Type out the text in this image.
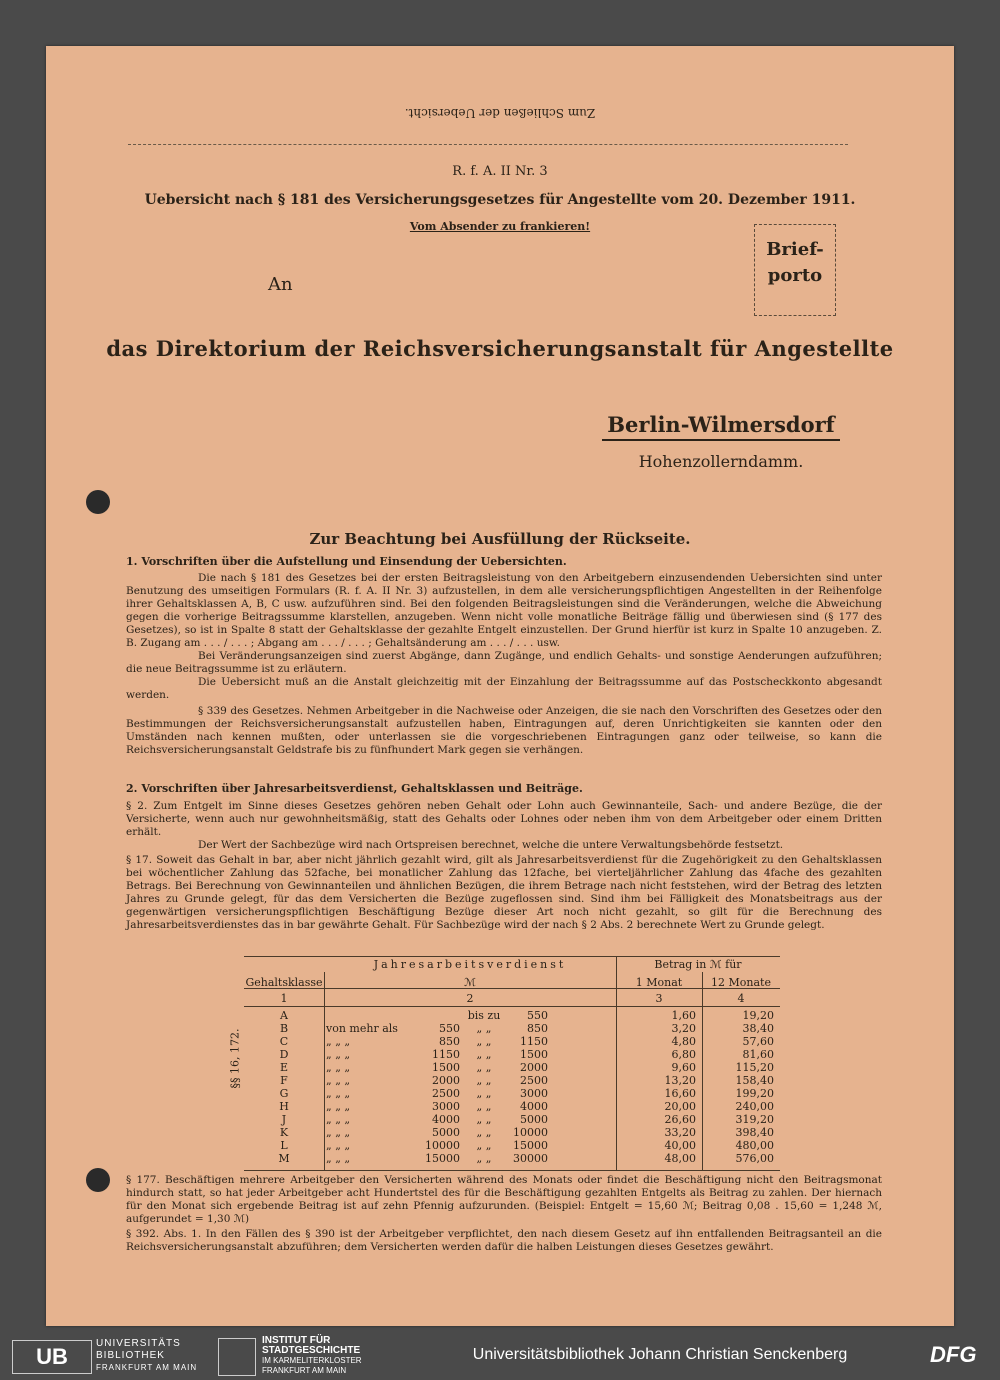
Zum Schließen der Uebersicht.
R. f. A. II Nr. 3
Uebersicht nach § 181 des Versicherungsgesetzes für Angestellte vom 20. Dezember 1911.
Vom Absender zu frankieren!
Brief-
porto
An
das Direktorium der Reichsversicherungsanstalt für Angestellte
Berlin-Wilmersdorf
Hohenzollerndamm.
Zur Beachtung bei Ausfüllung der Rückseite.
1. Vorschriften über die Aufstellung und Einsendung der Uebersichten.

Die nach § 181 des Gesetzes bei der ersten Beitragsleistung von den Arbeitgebern einzusendenden Uebersichten sind unter Benutzung des umseitigen Formulars (R. f. A. II Nr. 3) aufzustellen, in dem alle versicherungspflichtigen Angestellten in der Reihenfolge ihrer Gehaltsklassen A, B, C usw. aufzuführen sind. Bei den folgenden Beitragsleistungen sind die Veränderungen, welche die Abweichung gegen die vorherige Beitragssumme klarstellen, anzugeben. Wenn nicht volle monatliche Beiträge fällig und überwiesen sind (§ 177 des Gesetzes), so ist in Spalte 8 statt der Gehaltsklasse der gezahlte Entgelt einzustellen. Der Grund hierfür ist kurz in Spalte 10 anzugeben. Z. B. Zugang am . . . / . . . ; Abgang am . . . / . . . ; Gehaltsänderung am . . . / . . . usw.

Bei Veränderungsanzeigen sind zuerst Abgänge, dann Zugänge, und endlich Gehalts- und sonstige Aenderungen aufzuführen; die neue Beitragssumme ist zu erläutern.

Die Uebersicht muß an die Anstalt gleichzeitig mit der Einzahlung der Beitragssumme auf das Postscheckkonto abgesandt werden.

§ 339 des Gesetzes. Nehmen Arbeitgeber in die Nachweise oder Anzeigen, die sie nach den Vorschriften des Gesetzes oder den Bestimmungen der Reichsversicherungsanstalt aufzustellen haben, Eintragungen auf, deren Unrichtigkeiten sie kannten oder den Umständen nach kennen mußten, oder unterlassen sie die vorgeschriebenen Eintragungen ganz oder teilweise, so kann die Reichsversicherungsanstalt Geldstrafe bis zu fünfhundert Mark gegen sie verhängen.

2. Vorschriften über Jahresarbeitsverdienst, Gehaltsklassen und Beiträge.

§ 2. Zum Entgelt im Sinne dieses Gesetzes gehören neben Gehalt oder Lohn auch Gewinnanteile, Sach- und andere Bezüge, die der Versicherte, wenn auch nur gewohnheitsmäßig, statt des Gehalts oder Lohnes oder neben ihm von dem Arbeitgeber oder einem Dritten erhält.

Der Wert der Sachbezüge wird nach Ortspreisen berechnet, welche die untere Verwaltungsbehörde festsetzt.

§ 17. Soweit das Gehalt in bar, aber nicht jährlich gezahlt wird, gilt als Jahresarbeitsverdienst für die Zugehörigkeit zu den Gehaltsklassen bei wöchentlicher Zahlung das 52fache, bei monatlicher Zahlung das 12fache, bei vierteljährlicher Zahlung das 4fache des gezahlten Betrags. Bei Berechnung von Gewinnanteilen und ähnlichen Bezügen, die ihrem Betrage nach nicht feststehen, wird der Betrag des letzten Jahres zu Grunde gelegt, für das dem Versicherten die Bezüge zugeflossen sind. Sind ihm bei Fälligkeit des Monatsbeitrags aus der gegenwärtigen versicherungspflichtigen Beschäftigung Bezüge dieser Art noch nicht gezahlt, so gilt für die Berechnung des Jahresarbeitsverdienstes das in bar gewährte Gehalt. Für Sachbezüge wird der nach § 2 Abs. 2 berechnete Wert zu Grunde gelegt.

Jahresarbeitsverdienst	Betrag in ℳ für
Gehaltsklasse	ℳ	1 Monat	12 Monate
1	2	3	4
§§ 16, 172.
A	bis zu	550	1,60	19,20
B	von mehr als	550	„ „	850	3,20	38,40
C	„ „ „	850	„ „	1150	4,80	57,60
D	„ „ „	1150	„ „	1500	6,80	81,60
E	„ „ „	1500	„ „	2000	9,60	115,20
F	„ „ „	2000	„ „	2500	13,20	158,40
G	„ „ „	2500	„ „	3000	16,60	199,20
H	„ „ „	3000	„ „	4000	20,00	240,00
J	„ „ „	4000	„ „	5000	26,60	319,20
K	„ „ „	5000	„ „	10000	33,20	398,40
L	„ „ „	10000	„ „	15000	40,00	480,00
M	„ „ „	15000	„ „	30000	48,00	576,00
§ 177. Beschäftigen mehrere Arbeitgeber den Versicherten während des Monats oder findet die Beschäftigung nicht den Beitragsmonat hindurch statt, so hat jeder Arbeitgeber acht Hundertstel des für die Beschäftigung gezahlten Entgelts als Beitrag zu zahlen. Der hiernach für den Monat sich ergebende Beitrag ist auf zehn Pfennig aufzurunden. (Beispiel: Entgelt = 15,60 ℳ; Beitrag 0,08 . 15,60 = 1,248 ℳ, aufgerundet = 1,30 ℳ)
§ 392. Abs. 1. In den Fällen des § 390 ist der Arbeitgeber verpflichtet, den nach diesem Gesetz auf ihn entfallenden Beitragsanteil an die Reichsversicherungsanstalt abzuführen; dem Versicherten werden dafür die halben Leistungen dieses Gesetzes gewährt.
UB
UNIVERSITÄTS
BIBLIOTHEK
FRANKFURT AM MAIN
INSTITUT FÜR
STADTGESCHICHTE
IM KARMELITERKLOSTER
FRANKFURT AM MAIN
Universitätsbibliothek Johann Christian Senckenberg	DFG
